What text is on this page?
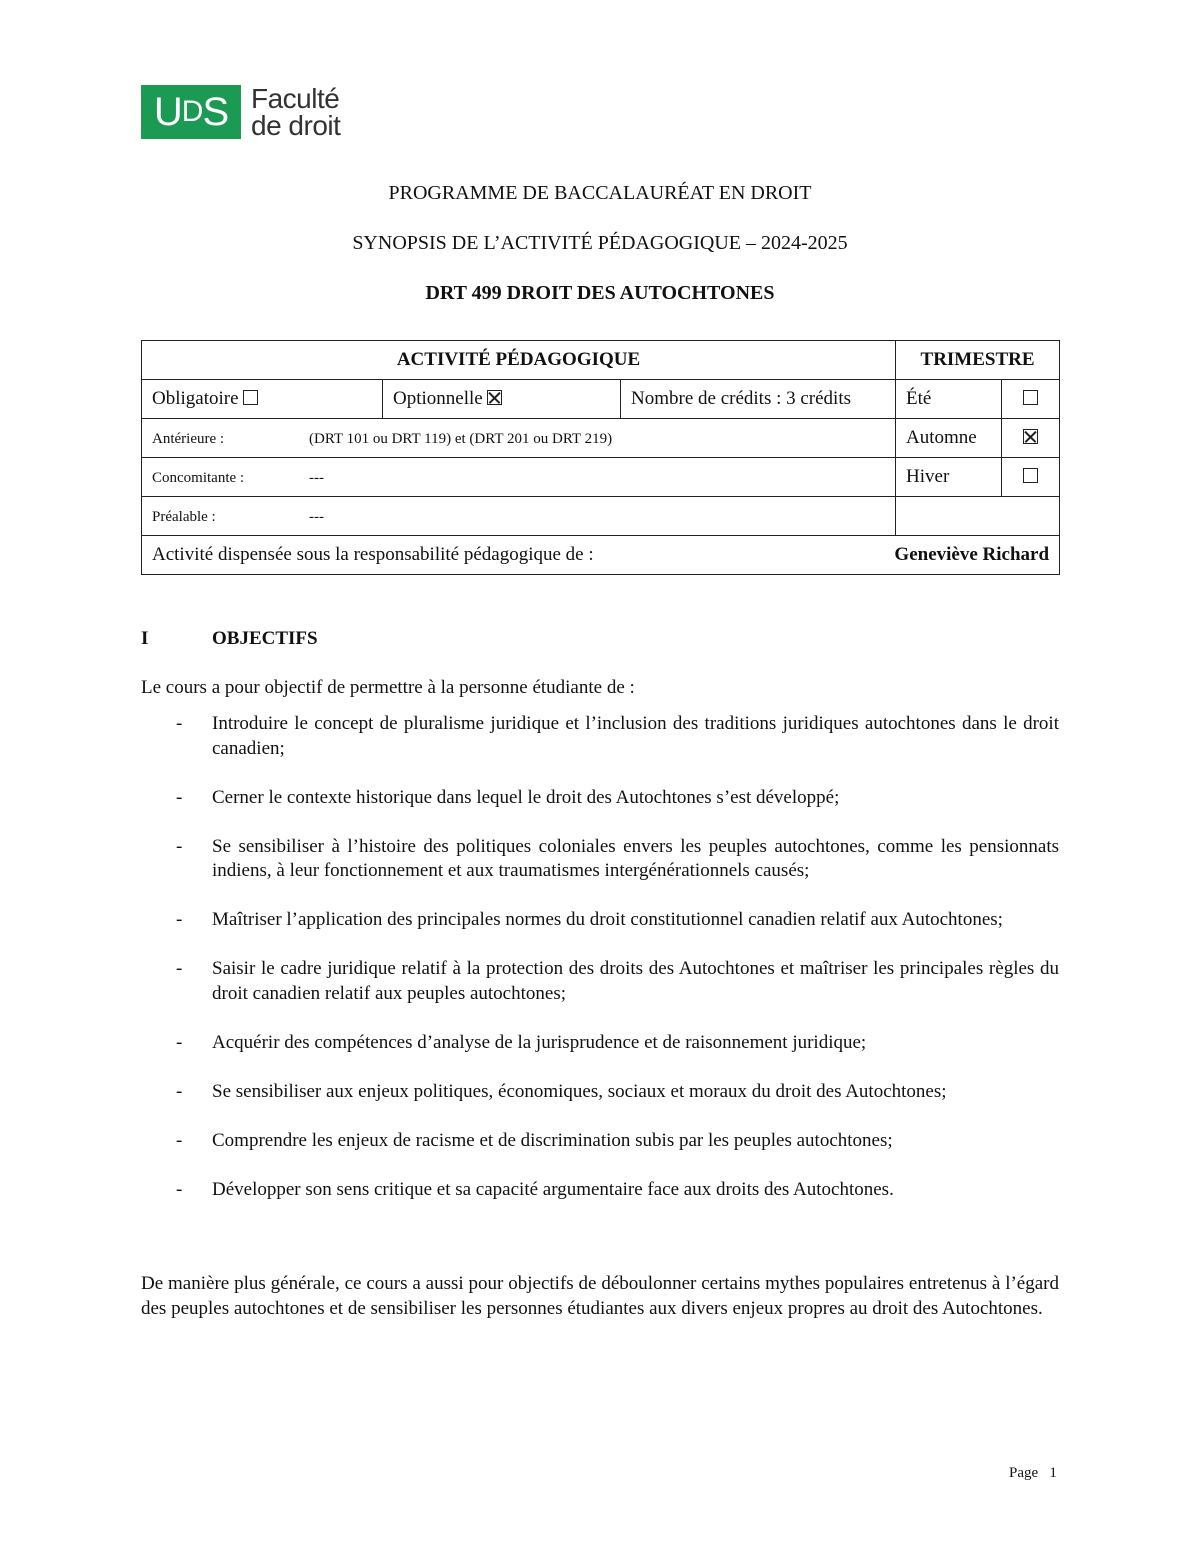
U D S Faculté
de droit
PROGRAMME DE BACCALAURÉAT EN DROIT
SYNOPSIS DE L’ACTIVITÉ PÉDAGOGIQUE – 2024-2025
DRT 499 DROIT DES AUTOCHTONES
ACTIVITÉ PÉDAGOGIQUE			TRIMESTRE	
Obligatoire	Optionnelle	Nombre de crédits : 3 crédits	Été	
Antérieure : (DRT 101 ou DRT 119) et (DRT 201 ou DRT 219)			Automne	
Concomitante : ---			Hiver	
Préalable : ---				
Activité dispensée sous la responsabilité pédagogique de : Geneviève Richard				
I	OBJECTIFS
Le cours a pour objectif de permettre à la personne étudiante de :
- Introduire le concept de pluralisme juridique et l’inclusion des traditions juridiques autochtones dans le droit canadien;
- Cerner le contexte historique dans lequel le droit des Autochtones s’est développé;
- Se sensibiliser à l’histoire des politiques coloniales envers les peuples autochtones, comme les pensionnats indiens, à leur fonctionnement et aux traumatismes intergénérationnels causés;
- Maîtriser l’application des principales normes du droit constitutionnel canadien relatif aux Autochtones;
- Saisir le cadre juridique relatif à la protection des droits des Autochtones et maîtriser les principales règles du droit canadien relatif aux peuples autochtones;
- Acquérir des compétences d’analyse de la jurisprudence et de raisonnement juridique;
- Se sensibiliser aux enjeux politiques, économiques, sociaux et moraux du droit des Autochtones;
- Comprendre les enjeux de racisme et de discrimination subis par les peuples autochtones;
- Développer son sens critique et sa capacité argumentaire face aux droits des Autochtones.
De manière plus générale, ce cours a aussi pour objectifs de déboulonner certains mythes populaires entretenus à l’égard des peuples autochtones et de sensibiliser les personnes étudiantes aux divers enjeux propres au droit des Autochtones.
Page   1
